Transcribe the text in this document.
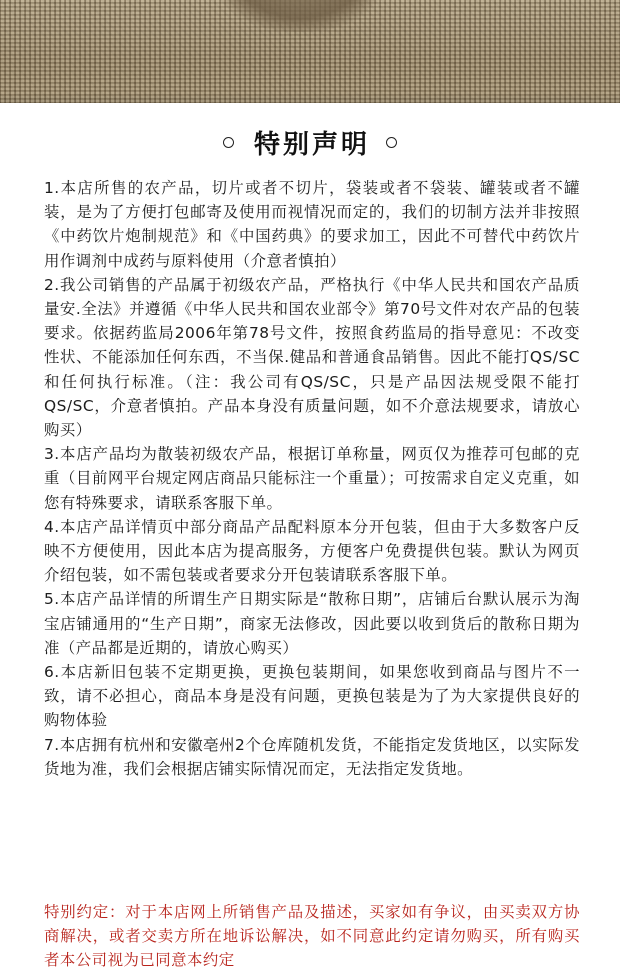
特别声明

1.本店所售的农产品，切片或者不切片，袋装或者不袋装、罐装或者不罐装，是为了方便打包邮寄及使用而视情况而定的，我们的切制方法并非按照《中药饮片炮制规范》和《中国药典》的要求加工，因此不可替代中药饮片用作调剂中成药与原料使用（介意者慎拍）

2.我公司销售的产品属于初级农产品，严格执行《中华人民共和国农产品质量安.全法》并遵循《中华人民共和国农业部令》第70号文件对农产品的包装要求。依据药监局2006年第78号文件，按照食药监局的指导意见：不改变性状、不能添加任何东西，不当保.健品和普通食品销售。因此不能打QS/SC和任何执行标准。（注：我公司有QS/SC，只是产品因法规受限不能打QS/SC，介意者慎拍。产品本身没有质量问题，如不介意法规要求，请放心购买）

3.本店产品均为散装初级农产品，根据订单称量，网页仅为推荐可包邮的克重（目前网平台规定网店商品只能标注一个重量）；可按需求自定义克重，如您有特殊要求，请联系客服下单。

4.本店产品详情页中部分商品产品配料原本分开包装，但由于大多数客户反映不方便使用，因此本店为提高服务，方便客户免费提供包装。默认为网页介绍包装，如不需包装或者要求分开包装请联系客服下单。

5.本店产品详情的所谓生产日期实际是“散称日期”，店铺后台默认展示为淘宝店铺通用的“生产日期”，商家无法修改，因此要以收到货后的散称日期为准（产品都是近期的，请放心购买）

6.本店新旧包装不定期更换，更换包装期间，如果您收到商品与图片不一致，请不必担心，商品本身是没有问题，更换包装是为了为大家提供良好的购物体验

7.本店拥有杭州和安徽亳州2个仓库随机发货，不能指定发货地区，以实际发货地为准，我们会根据店铺实际情况而定，无法指定发货地。

特别约定：对于本店网上所销售产品及描述，买家如有争议，由买卖双方协商解决，或者交卖方所在地诉讼解决，如不同意此约定请勿购买，所有购买者本公司视为已同意本约定
